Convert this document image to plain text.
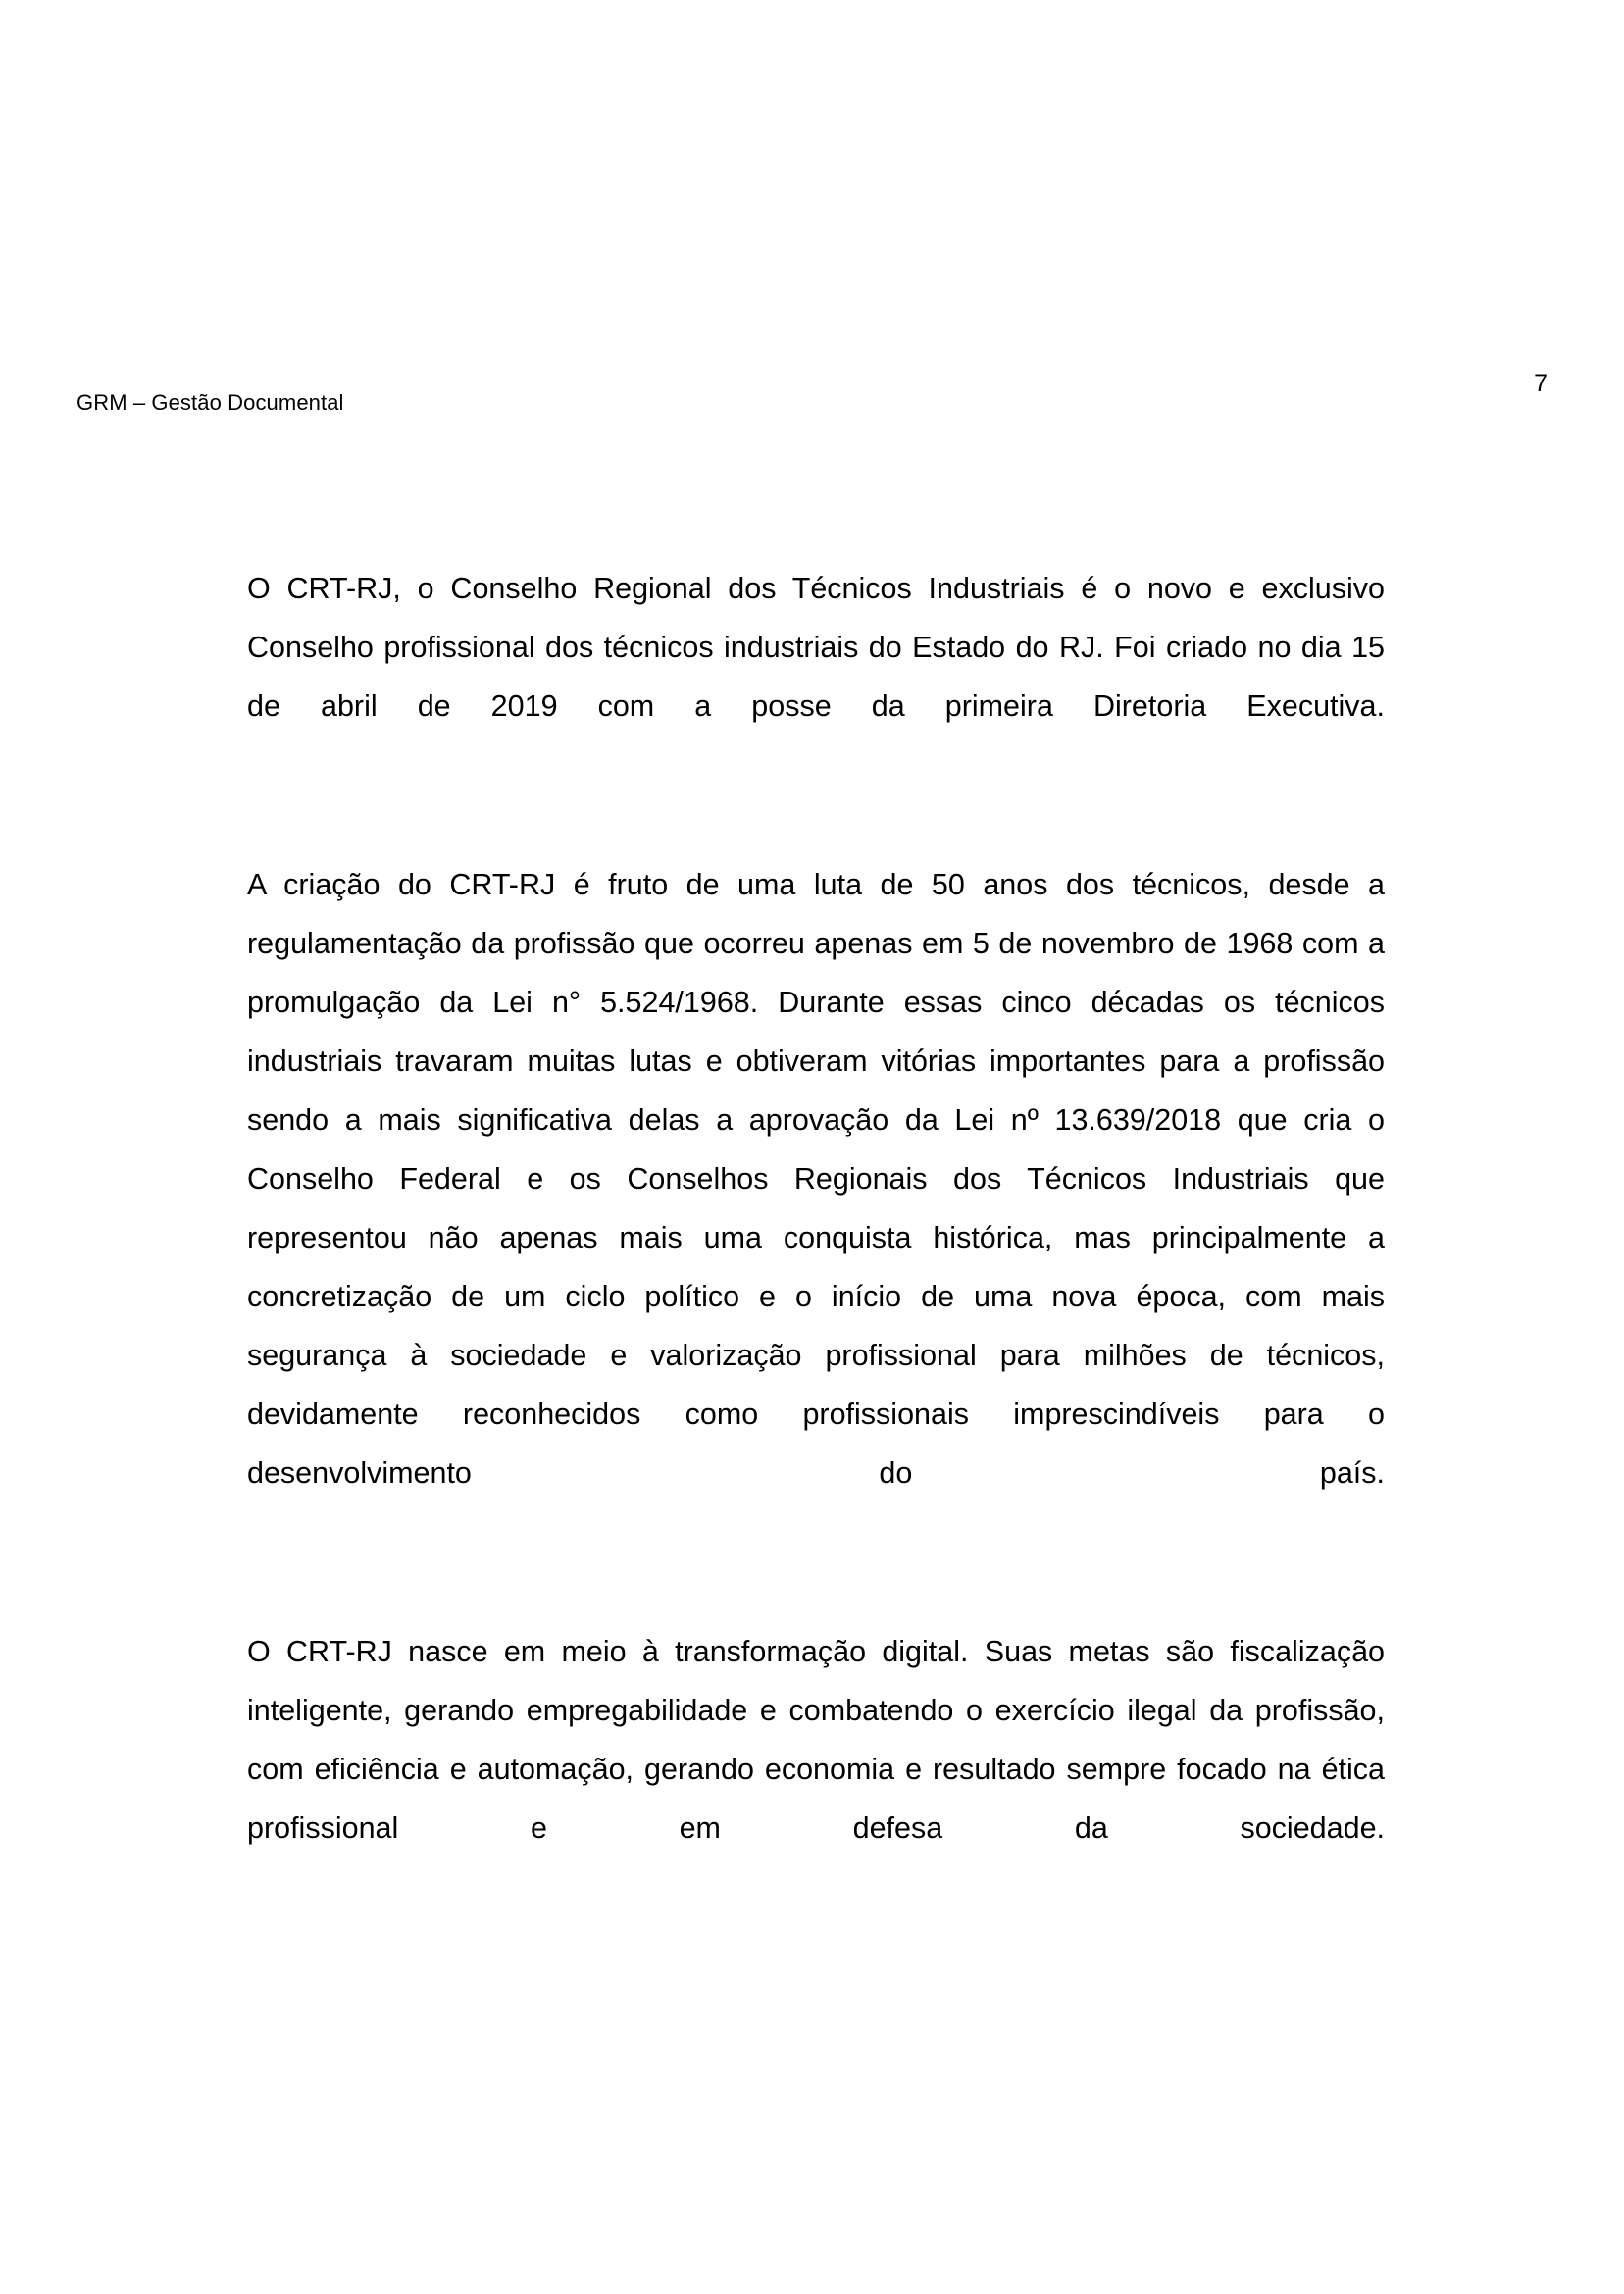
7
GRM – Gestão Documental

O CRT-RJ, o Conselho Regional dos Técnicos Industriais é o novo e exclusivo Conselho profissional dos técnicos industriais do Estado do RJ. Foi criado no dia 15 de abril de 2019 com a posse da primeira Diretoria Executiva.

A criação do CRT-RJ é fruto de uma luta de 50 anos dos técnicos, desde a regulamentação da profissão que ocorreu apenas em 5 de novembro de 1968 com a promulgação da Lei n° 5.524/1968. Durante essas cinco décadas os técnicos industriais travaram muitas lutas e obtiveram vitórias importantes para a profissão sendo a mais significativa delas a aprovação da Lei nº 13.639/2018 que cria o Conselho Federal e os Conselhos Regionais dos Técnicos Industriais que representou não apenas mais uma conquista histórica, mas principalmente a concretização de um ciclo político e o início de uma nova época, com mais segurança à sociedade e valorização profissional para milhões de técnicos, devidamente reconhecidos como profissionais imprescindíveis para o desenvolvimento do país.

O CRT-RJ nasce em meio à transformação digital. Suas metas são fiscalização inteligente, gerando empregabilidade e combatendo o exercício ilegal da profissão, com eficiência e automação, gerando economia e resultado sempre focado na ética profissional e em defesa da sociedade.
